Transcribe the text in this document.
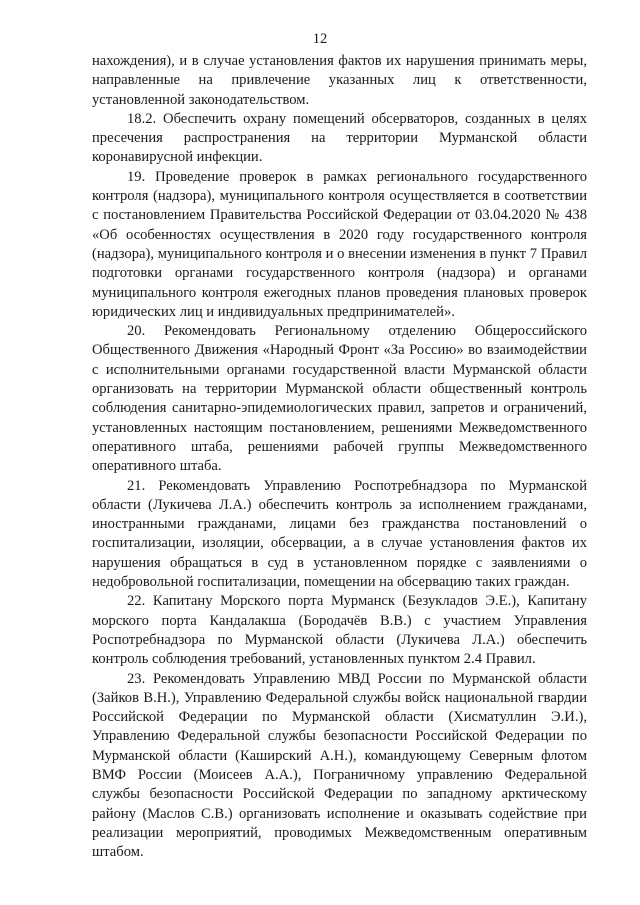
12

нахождения), и в случае установления фактов их нарушения принимать меры, направленные на привлечение указанных лиц к ответственности, установленной законодательством.

18.2. Обеспечить охрану помещений обсерваторов, созданных в целях пресечения распространения на территории Мурманской области коронавирусной инфекции.

19. Проведение проверок в рамках регионального государственного контроля (надзора), муниципального контроля осуществляется в соответствии с постановлением Правительства Российской Федерации от 03.04.2020 № 438 «Об особенностях осуществления в 2020 году государственного контроля (надзора), муниципального контроля и о внесении изменения в пункт 7 Правил подготовки органами государственного контроля (надзора) и органами муниципального контроля ежегодных планов проведения плановых проверок юридических лиц и индивидуальных предпринимателей».

20. Рекомендовать Региональному отделению Общероссийского Общественного Движения «Народный Фронт «За Россию» во взаимодействии с исполнительными органами государственной власти Мурманской области организовать на территории Мурманской области общественный контроль соблюдения санитарно-эпидемиологических правил, запретов и ограничений, установленных настоящим постановлением, решениями Межведомственного оперативного штаба, решениями рабочей группы Межведомственного оперативного штаба.

21. Рекомендовать Управлению Роспотребнадзора по Мурманской области (Лукичева Л.А.) обеспечить контроль за исполнением гражданами, иностранными гражданами, лицами без гражданства постановлений о госпитализации, изоляции, обсервации, а в случае установления фактов их нарушения обращаться в суд в установленном порядке с заявлениями о недобровольной госпитализации, помещении на обсервацию таких граждан.

22. Капитану Морского порта Мурманск (Безукладов Э.Е.), Капитану морского порта Кандалакша (Бородачёв В.В.) с участием Управления Роспотребнадзора по Мурманской области (Лукичева Л.А.) обеспечить контроль соблюдения требований, установленных пунктом 2.4 Правил.

23. Рекомендовать Управлению МВД России по Мурманской области (Зайков В.Н.), Управлению Федеральной службы войск национальной гвардии Российской Федерации по Мурманской области (Хисматуллин Э.И.), Управлению Федеральной службы безопасности Российской Федерации по Мурманской области (Каширский А.Н.), командующему Северным флотом ВМФ России (Моисеев А.А.), Пограничному управлению Федеральной службы безопасности Российской Федерации по западному арктическому району (Маслов С.В.) организовать исполнение и оказывать содействие при реализации мероприятий, проводимых Межведомственным оперативным штабом.
